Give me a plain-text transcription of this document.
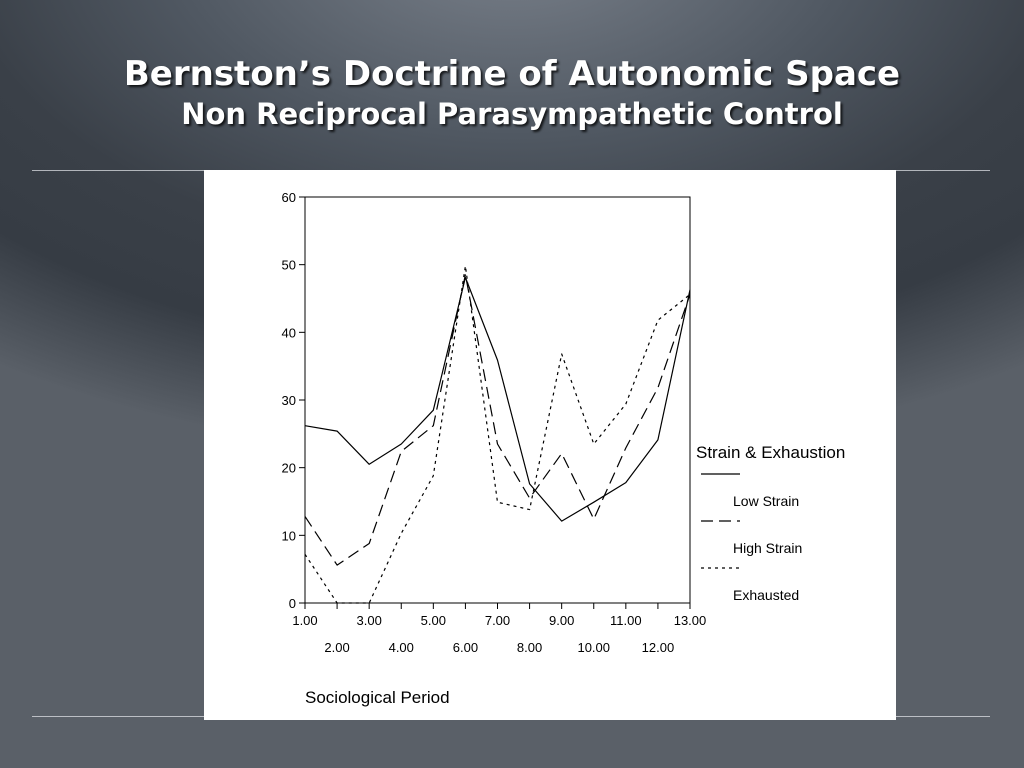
Bernston’s Doctrine of Autonomic Space
Non Reciprocal Parasympathetic Control
0
10
20
30
40
50
60
1.00	3.00	5.00	7.00	9.00	11.00 13.00
2.00	4.00	6.00	8.00	10.00 12.00
Strain & Exhaustion
Low Strain
High Strain
Exhausted
Sociological Period
